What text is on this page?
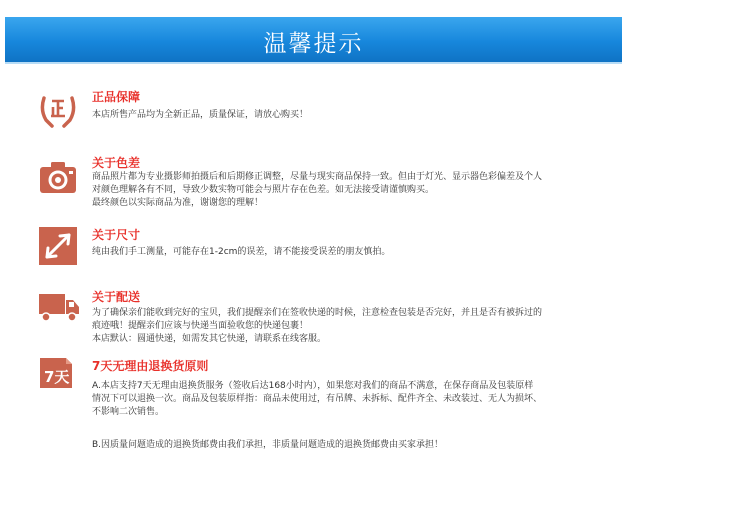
温馨提示
正品保障
本店所售产品均为全新正品，质量保证，请放心购买！
关于色差
商品照片都为专业摄影师拍摄后和后期修正调整，尽量与现实商品保持一致。但由于灯光、显示器色彩偏差及个人
对颜色理解各有不同，导致少数实物可能会与照片存在色差。如无法接受请谨慎购买。
最终颜色以实际商品为准，谢谢您的理解！
关于尺寸
纯由我们手工测量，可能存在1-2cm的误差，请不能接受误差的朋友慎拍。
关于配送
为了确保亲们能收到完好的宝贝，我们提醒亲们在签收快递的时候，注意检查包装是否完好，并且是否有被拆过的
痕迹哦！提醒亲们应该与快递当面验收您的快递包裹！
本店默认：圆通快递，如需发其它快递，请联系在线客服。
7天
7天无理由退换货原则
A.本店支持7天无理由退换货服务（签收后达168小时内），如果您对我们的商品不满意，在保存商品及包装原样
情况下可以退换一次。商品及包装原样指：商品未使用过，有吊牌、未拆标、配件齐全、未改装过、无人为损坏、
不影响二次销售。
B.因质量问题造成的退换货邮费由我们承担，非质量问题造成的退换货邮费由买家承担！
